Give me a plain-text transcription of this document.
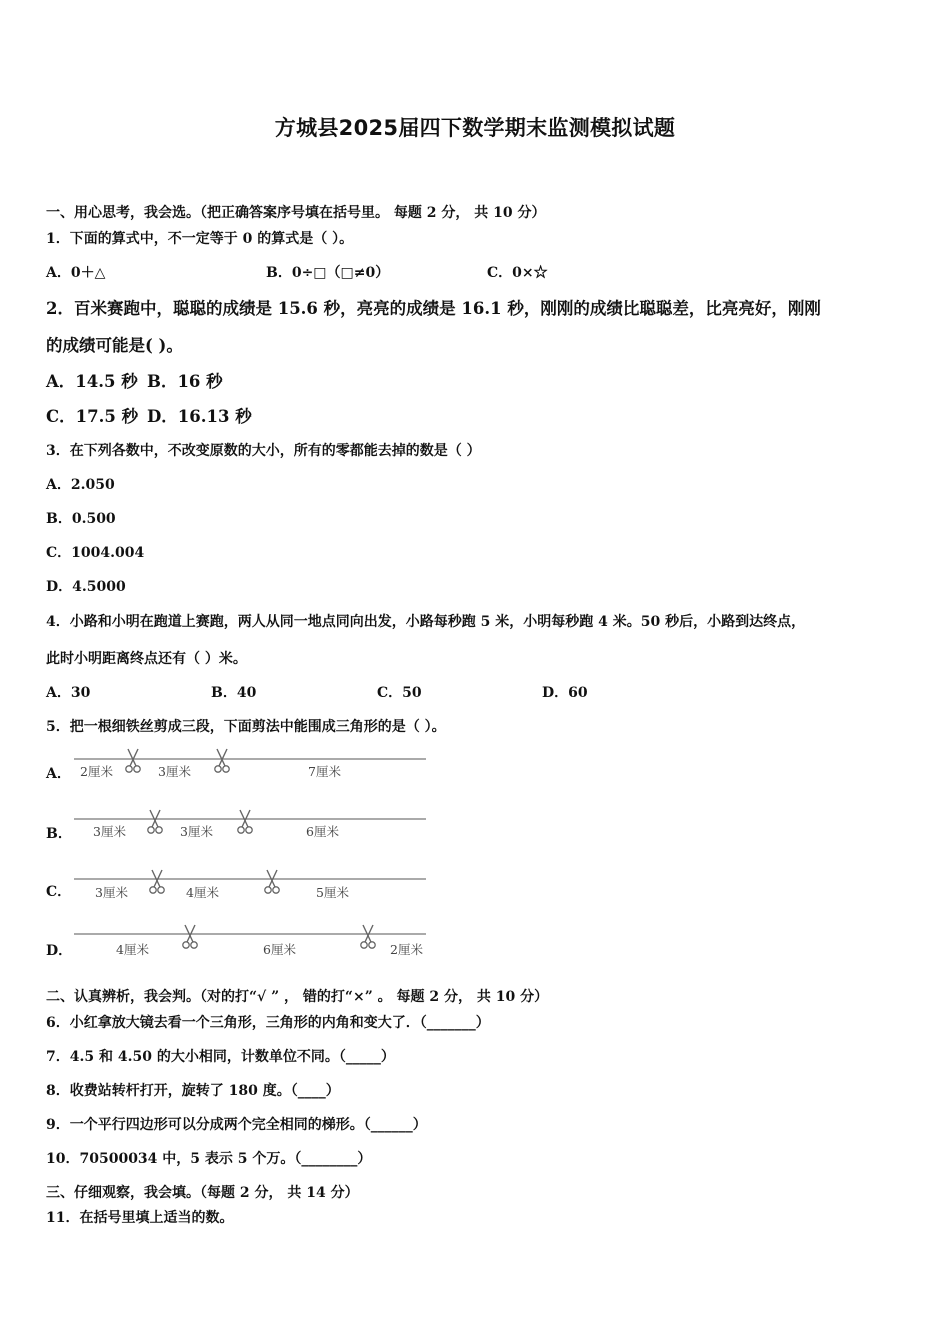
方城县2025届四下数学期末监测模拟试题
一、用心思考，我会选。（把正确答案序号填在括号里。 每题 2 分， 共 10 分）
1．下面的算式中，不一定等于 0 的算式是（ ）。
A．0＋△	B．0÷□（□≠0）	C．0×☆
2．百米赛跑中，聪聪的成绩是 15.6 秒，亮亮的成绩是 16.1 秒，刚刚的成绩比聪聪差，比亮亮好，刚刚
的成绩可能是( )。
A．14.5 秒 B．16 秒
C．17.5 秒 D．16.13 秒
3．在下列各数中，不改变原数的大小，所有的零都能去掉的数是（ ）
A．2.050
B．0.500
C．1004.004
D．4.5000
4．小路和小明在跑道上赛跑，两人从同一地点同向出发，小路每秒跑 5 米，小明每秒跑 4 米。50 秒后，小路到达终点，
此时小明距离终点还有（ ）米。
A．30	B．40	C．50	D．60
5．把一根细铁丝剪成三段，下面剪法中能围成三角形的是（ ）。
A．
B．
C．
D．
2厘米	3厘米	7厘米
3厘米	3厘米	6厘米
3厘米	4厘米	5厘米
4厘米	6厘米	2厘米
二、认真辨析，我会判。（对的打“√ ” ， 错的打“×” 。 每题 2 分， 共 10 分）
6．小红拿放大镜去看一个三角形，三角形的内角和变大了．（_______）
7．4.5 和 4.50 的大小相同，计数单位不同。（_____）
8．收费站转杆打开，旋转了 180 度。（____）
9．一个平行四边形可以分成两个完全相同的梯形。（______）
10．70500034 中，5 表示 5 个万。（________）
三、仔细观察，我会填。（每题 2 分， 共 14 分）
11．在括号里填上适当的数。
